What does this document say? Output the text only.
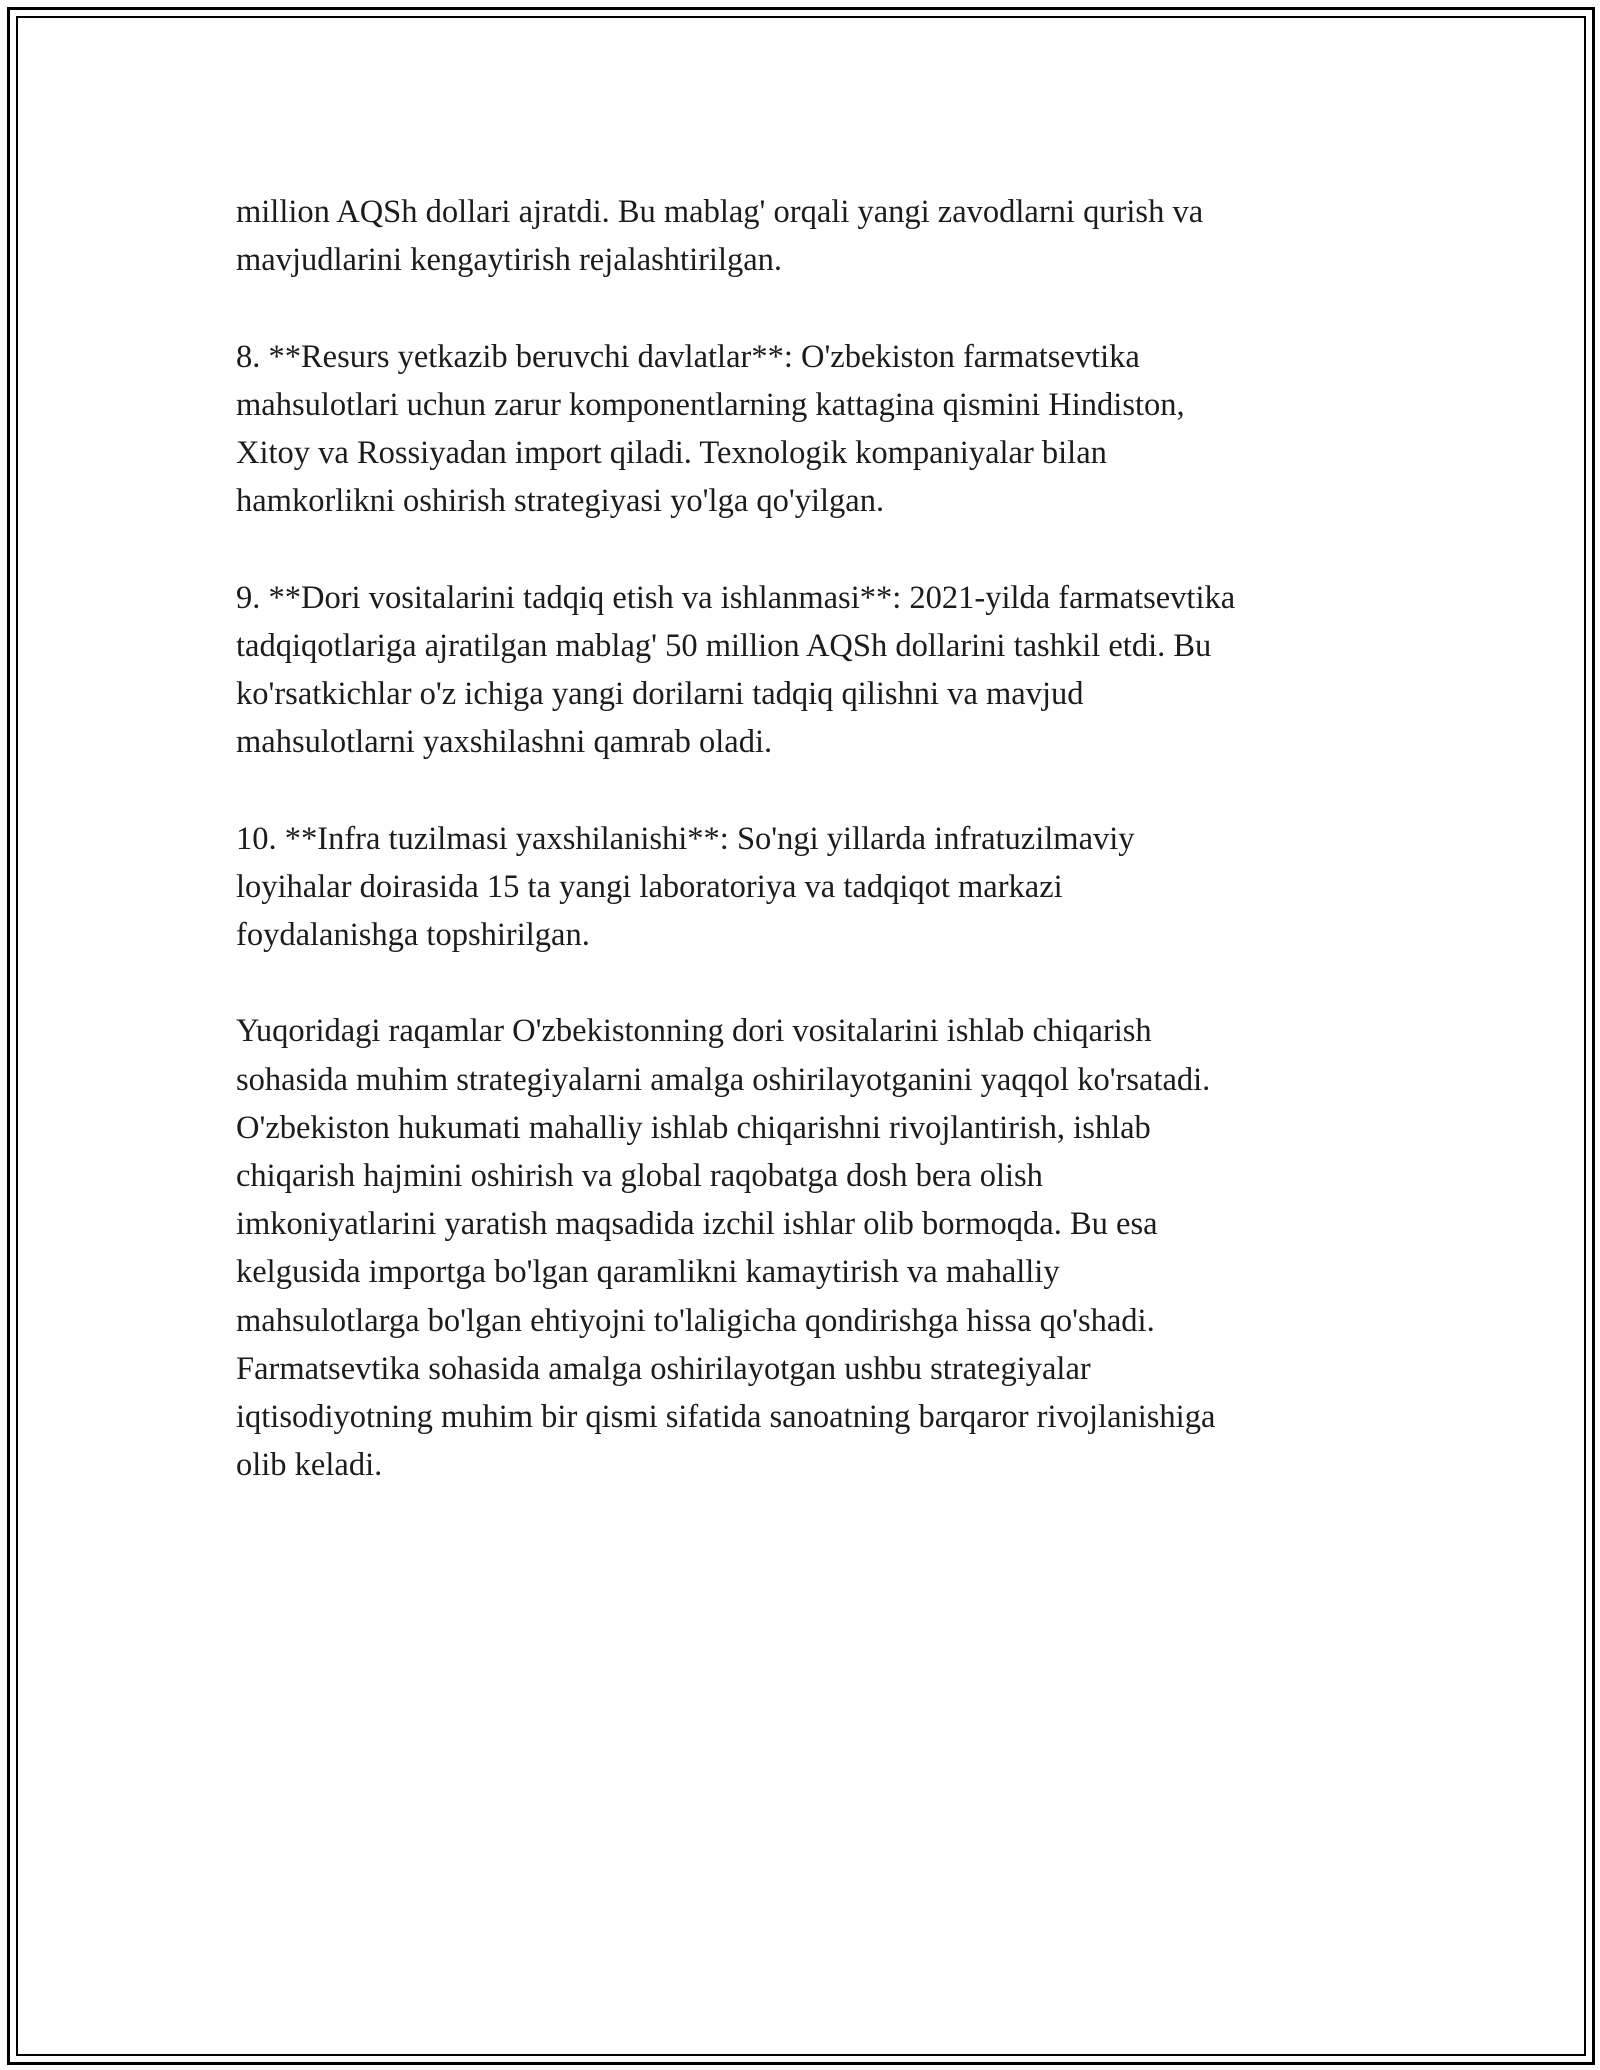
million AQSh dollari ajratdi. Bu mablag' orqali yangi zavodlarni qurish va
mavjudlarini kengaytirish rejalashtirilgan.

8. **Resurs yetkazib beruvchi davlatlar**: O'zbekiston farmatsevtika
mahsulotlari uchun zarur komponentlarning kattagina qismini Hindiston,
Xitoy va Rossiyadan import qiladi. Texnologik kompaniyalar bilan
hamkorlikni oshirish strategiyasi yo'lga qo'yilgan.

9. **Dori vositalarini tadqiq etish va ishlanmasi**: 2021-yilda farmatsevtika
tadqiqotlariga ajratilgan mablag' 50 million AQSh dollarini tashkil etdi. Bu
ko'rsatkichlar o'z ichiga yangi dorilarni tadqiq qilishni va mavjud
mahsulotlarni yaxshilashni qamrab oladi.

10. **Infra tuzilmasi yaxshilanishi**: So'ngi yillarda infratuzilmaviy
loyihalar doirasida 15 ta yangi laboratoriya va tadqiqot markazi
foydalanishga topshirilgan.

Yuqoridagi raqamlar O'zbekistonning dori vositalarini ishlab chiqarish
sohasida muhim strategiyalarni amalga oshirilayotganini yaqqol ko'rsatadi.
O'zbekiston hukumati mahalliy ishlab chiqarishni rivojlantirish, ishlab
chiqarish hajmini oshirish va global raqobatga dosh bera olish
imkoniyatlarini yaratish maqsadida izchil ishlar olib bormoqda. Bu esa
kelgusida importga bo'lgan qaramlikni kamaytirish va mahalliy
mahsulotlarga bo'lgan ehtiyojni to'laligicha qondirishga hissa qo'shadi.
Farmatsevtika sohasida amalga oshirilayotgan ushbu strategiyalar
iqtisodiyotning muhim bir qismi sifatida sanoatning barqaror rivojlanishiga
olib keladi.
